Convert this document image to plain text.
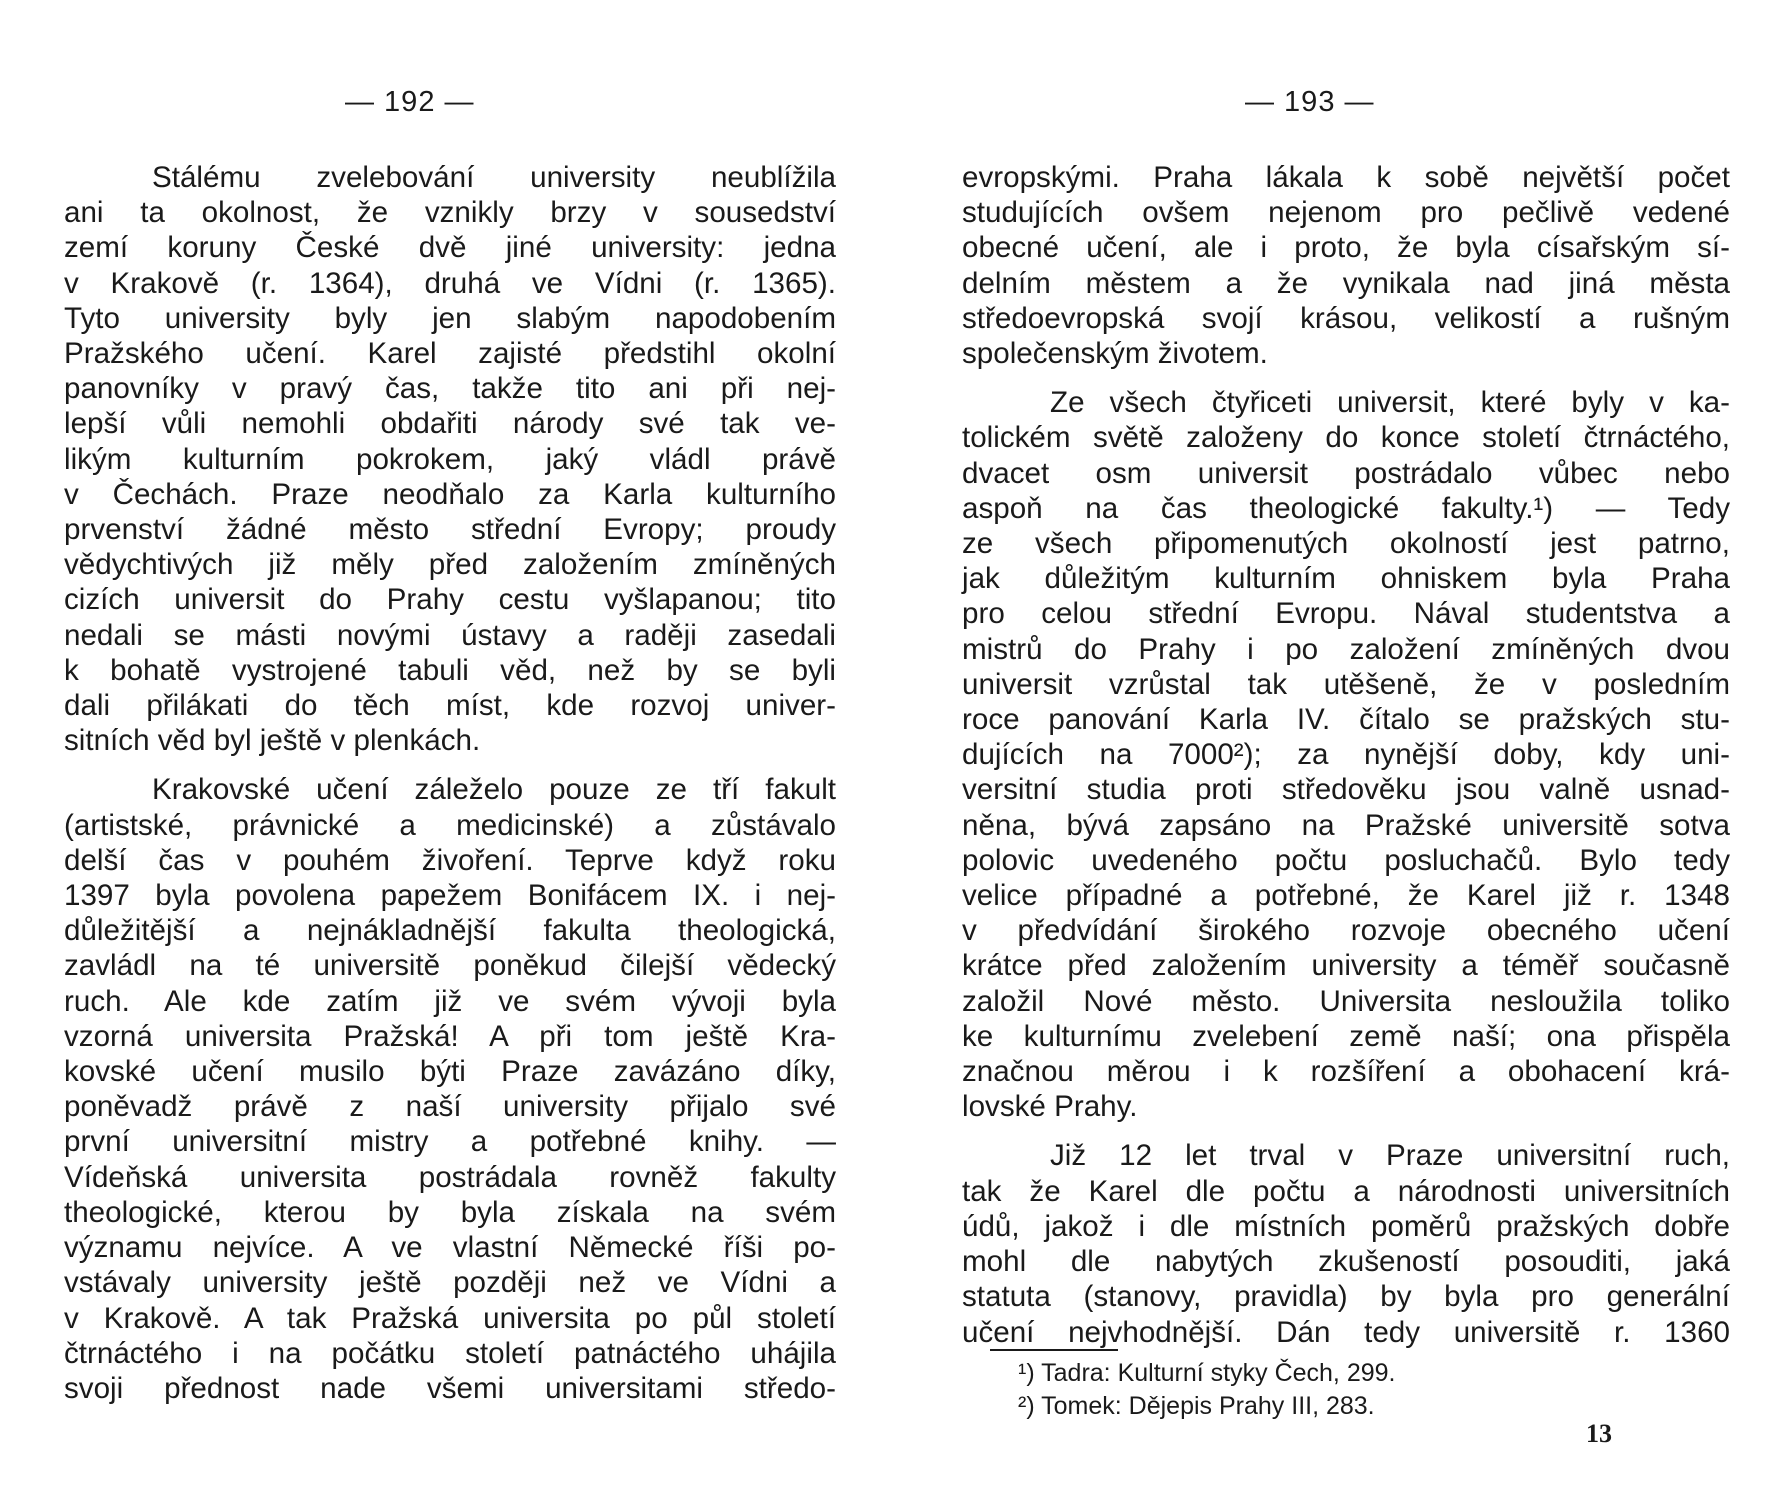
— 192 —
Stálému zvelebování university neublížila
ani ta okolnost, že vznikly brzy v sousedství
zemí koruny České dvě jiné university: jedna
v Krakově (r. 1364), druhá ve Vídni (r. 1365).
Tyto university byly jen slabým napodobením
Pražského učení. Karel zajisté předstihl okolní
panovníky v pravý čas, takže tito ani při nej-
lepší vůli nemohli obdařiti národy své tak ve-
likým kulturním pokrokem, jaký vládl právě
v Čechách. Praze neodňalo za Karla kulturního
prvenství žádné město střední Evropy; proudy
vědychtivých již měly před založením zmíněných
cizích universit do Prahy cestu vyšlapanou; tito
nedali se másti novými ústavy a raději zasedali
k bohatě vystrojené tabuli věd, než by se byli
dali přilákati do těch míst, kde rozvoj univer-
sitních věd byl ještě v plenkách.
Krakovské učení záleželo pouze ze tří fakult
(artistské, právnické a medicinské) a zůstávalo
delší čas v pouhém živoření. Teprve když roku
1397 byla povolena papežem Bonifácem IX. i nej-
důležitější a nejnákladnější fakulta theologická,
zavládl na té universitě poněkud čilejší vědecký
ruch. Ale kde zatím již ve svém vývoji byla
vzorná universita Pražská! A při tom ještě Kra-
kovské učení musilo býti Praze zavázáno díky,
poněvadž právě z naší university přijalo své
první universitní mistry a potřebné knihy. —
Vídeňská universita postrádala rovněž fakulty
theologické, kterou by byla získala na svém
významu nejvíce. A ve vlastní Německé říši po-
vstávaly university ještě později než ve Vídni a
v Krakově. A tak Pražská universita po půl století
čtrnáctého i na počátku století patnáctého uhájila
svoji přednost nade všemi universitami středo-
— 193 —
evropskými. Praha lákala k sobě největší počet
studujících ovšem nejenom pro pečlivě vedené
obecné učení, ale i proto, že byla císařským sí-
delním městem a že vynikala nad jiná města
středoevropská svojí krásou, velikostí a rušným
společenským životem.
Ze všech čtyřiceti universit, které byly v ka-
tolickém světě založeny do konce století čtrnáctého,
dvacet osm universit postrádalo vůbec nebo
aspoň na čas theologické fakulty.¹) — Tedy
ze všech připomenutých okolností jest patrno,
jak důležitým kulturním ohniskem byla Praha
pro celou střední Evropu. Nával studentstva a
mistrů do Prahy i po založení zmíněných dvou
universit vzrůstal tak utěšeně, že v posledním
roce panování Karla IV. čítalo se pražských stu-
dujících na 7000²); za nynější doby, kdy uni-
versitní studia proti středověku jsou valně usnad-
něna, bývá zapsáno na Pražské universitě sotva
polovic uvedeného počtu posluchačů. Bylo tedy
velice případné a potřebné, že Karel již r. 1348
v předvídání širokého rozvoje obecného učení
krátce před založením university a téměř současně
založil Nové město. Universita nesloužila toliko
ke kulturnímu zvelebení země naší; ona přispěla
značnou měrou i k rozšíření a obohacení krá-
lovské Prahy.
Již 12 let trval v Praze universitní ruch,
tak že Karel dle počtu a národnosti universitních
údů, jakož i dle místních poměrů pražských dobře
mohl dle nabytých zkušeností posouditi, jaká
statuta (stanovy, pravidla) by byla pro generální
učení nejvhodnější. Dán tedy universitě r. 1360
¹) Tadra: Kulturní styky Čech, 299.
²) Tomek: Dějepis Prahy III, 283.
13
